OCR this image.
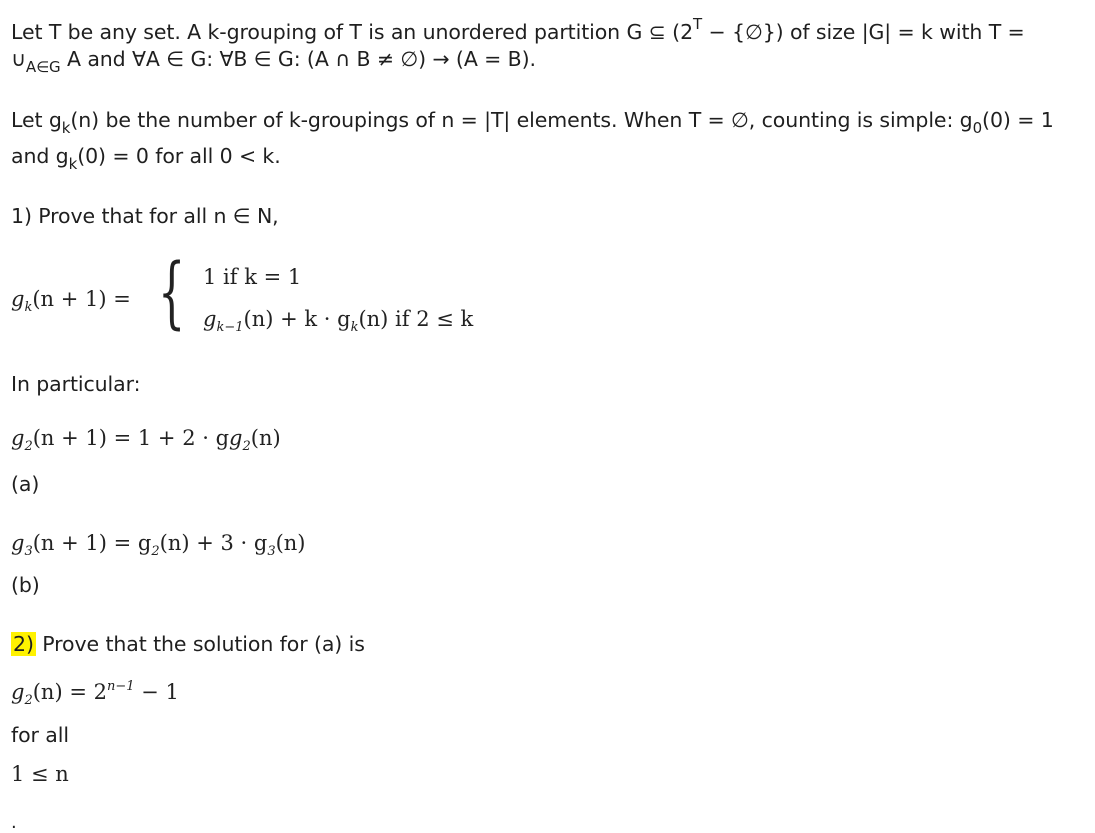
Let T be any set. A k-grouping of T is an unordered partition G ⊆ ($2^T$ − {∅}) of size |G| = k with T =
$\cup_{A\in G}$ A and ∀A ∈ G: ∀B ∈ G: (A ∩ B ≠ ∅) → (A = B).
Let $g_k(n)$ be the number of k-groupings of n = |T| elements. When T = ∅, counting is simple: $g_0(0) = 1$
and $g_k(0) = 0$ for all 0 < k.
1) Prove that for all n ∈ N,
$g_k(n + 1)$ = { 1 if k = 1
$g_{k-1}(n) + k \cdot g_k(n)$ if 2 ≤ k
In particular:
$g_2(n + 1) = 1 + 2 \cdot gg_2(n)$
(a)
$g_3(n + 1) = g_2(n) + 3 \cdot g_3(n)$
(b)
2) Prove that the solution for (a) is
$g_2(n) = 2^{n-1} - 1$
for all
1 ≤ n
.
